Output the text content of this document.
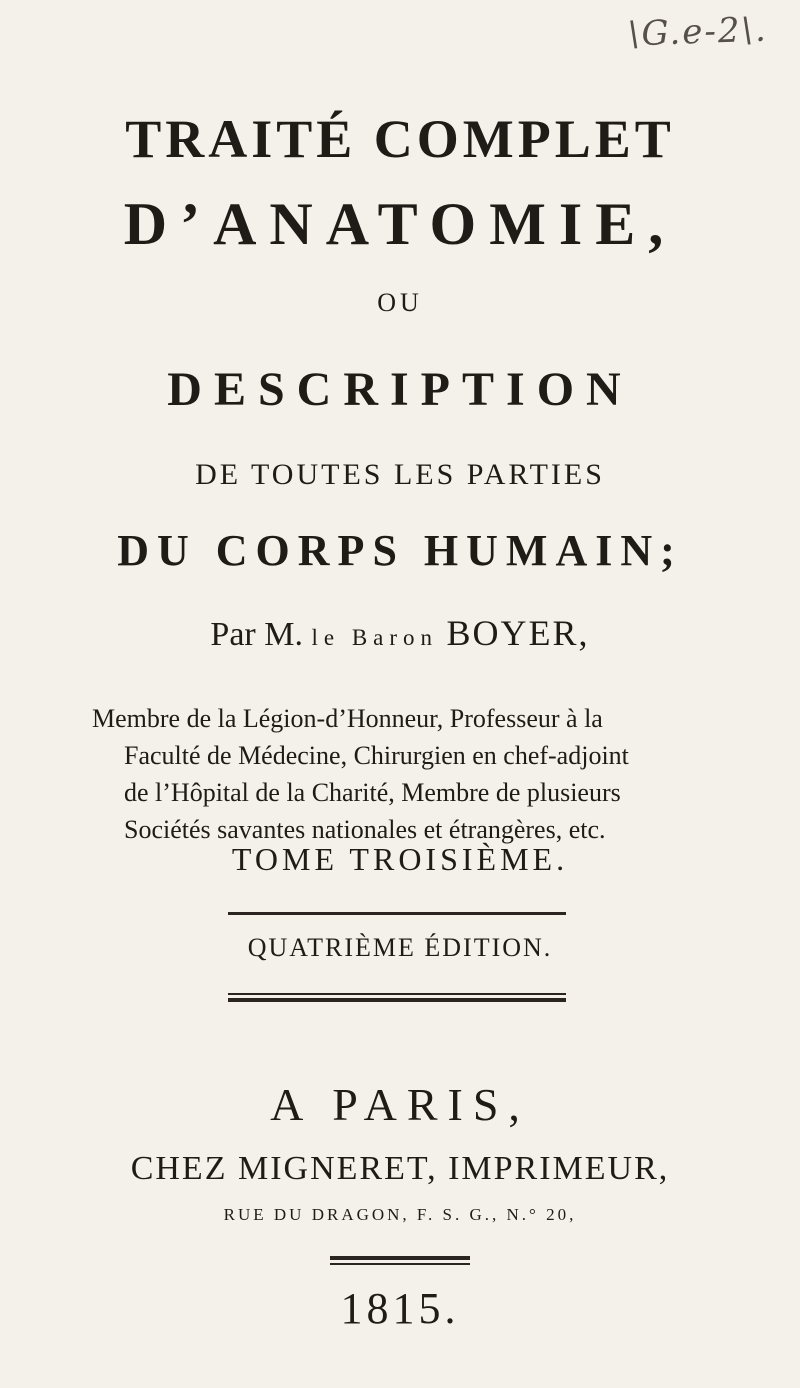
\G.e-2\.
TRAITÉ COMPLET
D’ANATOMIE,
OU
DESCRIPTION
DE TOUTES LES PARTIES
DU CORPS HUMAIN;
Par M. le Baron BOYER,
Membre de la Légion-d’Honneur, Professeur à la
Faculté de Médecine, Chirurgien en chef-adjoint
de l’Hôpital de la Charité, Membre de plusieurs
Sociétés savantes nationales et étrangères, etc.
TOME TROISIÈME.
QUATRIÈME ÉDITION.
A PARIS,
CHEZ MIGNERET, IMPRIMEUR,
RUE DU DRAGON, F. S. G., N.° 20,
1815.
